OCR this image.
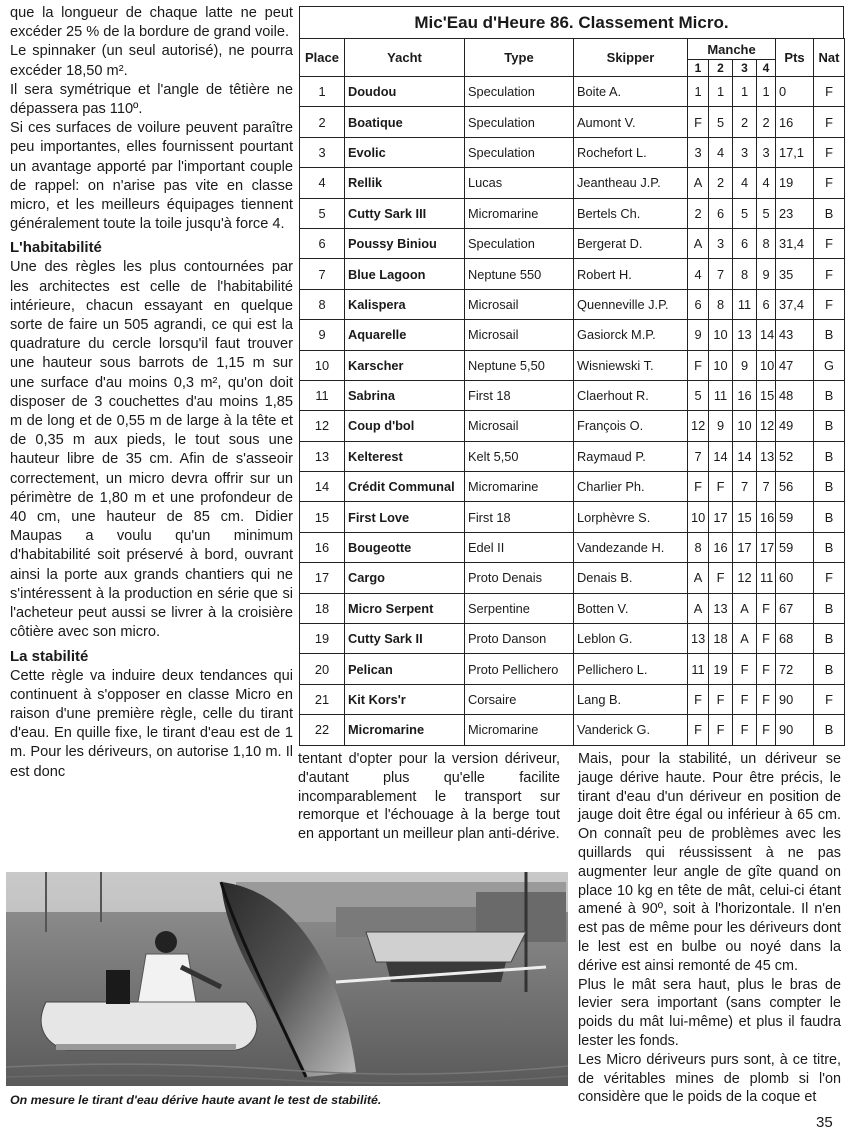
que la longueur de chaque latte ne peut excéder 25 % de la bordure de grand voile.

Le spinnaker (un seul autorisé), ne pourra excéder 18,50 m².

Il sera symétrique et l'angle de têtière ne dépassera pas 110º.

Si ces surfaces de voilure peuvent paraître peu importantes, elles fournissent pourtant un avantage apporté par l'important couple de rappel: on n'arise pas vite en classe micro, et les meilleurs équipages tiennent généralement toute la toile jusqu'à force 4.

L'habitabilité

Une des règles les plus contournées par les architectes est celle de l'habitabilité intérieure, chacun essayant en quelque sorte de faire un 505 agrandi, ce qui est la quadrature du cercle lorsqu'il faut trouver une hauteur sous barrots de 1,15 m sur une surface d'au moins 0,3 m², qu'on doit disposer de 3 couchettes d'au moins 1,85 m de long et de 0,55 m de large à la tête et de 0,35 m aux pieds, le tout sous une hauteur libre de 35 cm. Afin de s'asseoir correctement, un micro devra offrir sur un périmètre de 1,80 m et une profondeur de 40 cm, une hauteur de 85 cm. Didier Maupas a voulu qu'un minimum d'habitabilité soit préservé à bord, ouvrant ainsi la porte aux grands chantiers qui ne s'intéressent à la production en série que si l'acheteur peut aussi se livrer à la croisière côtière avec son micro.

La stabilité

Cette règle va induire deux tendances qui continuent à s'opposer en classe Micro en raison d'une première règle, celle du tirant d'eau. En quille fixe, le tirant d'eau est de 1 m. Pour les dériveurs, on autorise 1,10 m. Il est donc

Mic'Eau d'Heure 86. Classement Micro.
Place	Yacht	Type	Skipper	Manche				Pts	Nat
				1	2	3	4		
1	Doudou	Speculation	Boite A.	1	1	1	1	0	F
2	Boatique	Speculation	Aumont V.	F	5	2	2	16	F
3	Evolic	Speculation	Rochefort L.	3	4	3	3	17,1	F
4	Rellik	Lucas	Jeantheau J.P.	A	2	4	4	19	F
5	Cutty Sark III	Micromarine	Bertels Ch.	2	6	5	5	23	B
6	Poussy Biniou	Speculation	Bergerat D.	A	3	6	8	31,4	F
7	Blue Lagoon	Neptune 550	Robert H.	4	7	8	9	35	F
8	Kalispera	Microsail	Quenneville J.P.	6	8	11	6	37,4	F
9	Aquarelle	Microsail	Gasiorck M.P.	9	10	13	14	43	B
10	Karscher	Neptune 5,50	Wisniewski T.	F	10	9	10	47	G
11	Sabrina	First 18	Claerhout R.	5	11	16	15	48	B
12	Coup d'bol	Microsail	François O.	12	9	10	12	49	B
13	Kelterest	Kelt 5,50	Raymaud P.	7	14	14	13	52	B
14	Crédit Communal	Micromarine	Charlier Ph.	F	F	7	7	56	B
15	First Love	First 18	Lorphèvre S.	10	17	15	16	59	B
16	Bougeotte	Edel II	Vandezande H.	8	16	17	17	59	B
17	Cargo	Proto Denais	Denais B.	A	F	12	11	60	F
18	Micro Serpent	Serpentine	Botten V.	A	13	A	F	67	B
19	Cutty Sark II	Proto Danson	Leblon G.	13	18	A	F	68	B
20	Pelican	Proto Pellichero	Pellichero L.	11	19	F	F	72	B
21	Kit Kors'r	Corsaire	Lang B.	F	F	F	F	90	F
22	Micromarine	Micromarine	Vanderick G.	F	F	F	F	90	B

tentant d'opter pour la version dériveur, d'autant plus qu'elle facilite incomparablement le transport sur remorque et l'échouage à la berge tout en apportant un meilleur plan anti-dérive.

Mais, pour la stabilité, un dériveur se jauge dérive haute. Pour être précis, le tirant d'eau d'un dériveur en position de jauge doit être égal ou inférieur à 65 cm. On connaît peu de problèmes avec les quillards qui réussissent à ne pas augmenter leur angle de gîte quand on place 10 kg en tête de mât, celui-ci étant amené à 90º, soit à l'horizontale. Il n'en est pas de même pour les dériveurs dont le lest est en bulbe ou noyé dans la dérive est ainsi remonté de 45 cm.

Plus le mât sera haut, plus le bras de levier sera important (sans compter le poids du mât lui-même) et plus il faudra lester les fonds.

Les Micro dériveurs purs sont, à ce titre, de véritables mines de plomb si l'on considère que le poids de la coque et

On mesure le tirant d'eau dérive haute avant le test de stabilité.
35
